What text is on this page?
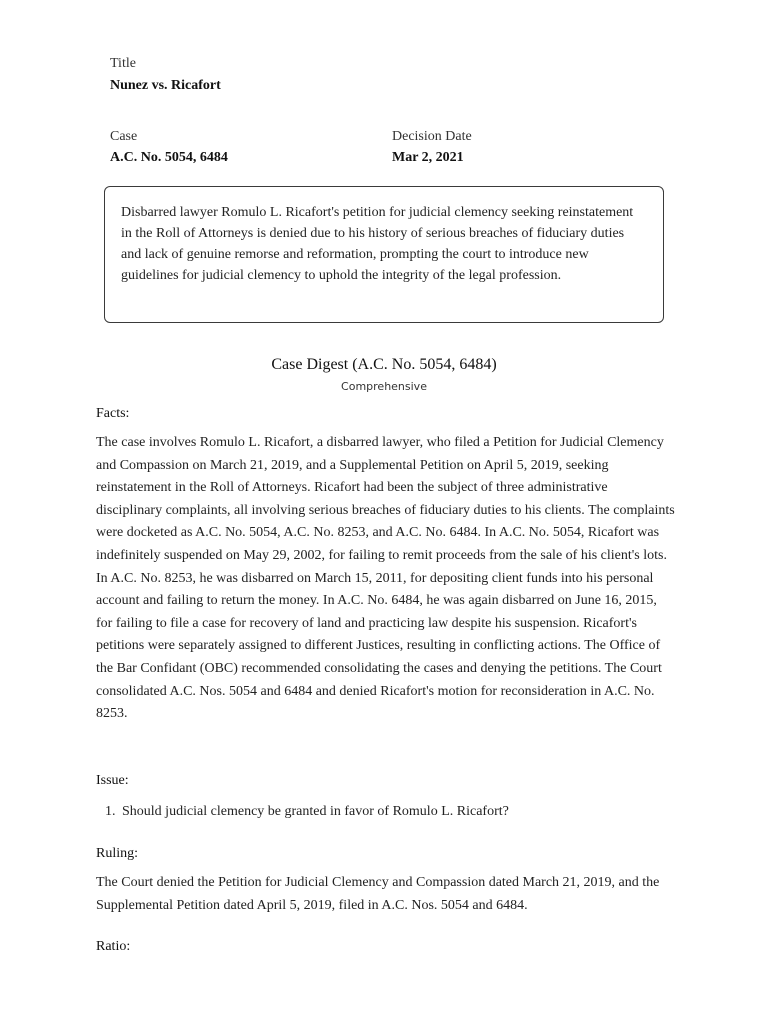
Title
Nunez vs. Ricafort
Case
A.C. No. 5054, 6484
Decision Date
Mar 2, 2021
Disbarred lawyer Romulo L. Ricafort's petition for judicial clemency seeking reinstatement in the Roll of Attorneys is denied due to his history of serious breaches of fiduciary duties and lack of genuine remorse and reformation, prompting the court to introduce new guidelines for judicial clemency to uphold the integrity of the legal profession.
Case Digest (A.C. No. 5054, 6484)
Comprehensive
Facts:
The case involves Romulo L. Ricafort, a disbarred lawyer, who filed a Petition for Judicial Clemency and Compassion on March 21, 2019, and a Supplemental Petition on April 5, 2019, seeking reinstatement in the Roll of Attorneys. Ricafort had been the subject of three administrative disciplinary complaints, all involving serious breaches of fiduciary duties to his clients. The complaints were docketed as A.C. No. 5054, A.C. No. 8253, and A.C. No. 6484. In A.C. No. 5054, Ricafort was indefinitely suspended on May 29, 2002, for failing to remit proceeds from the sale of his client's lots. In A.C. No. 8253, he was disbarred on March 15, 2011, for depositing client funds into his personal account and failing to return the money. In A.C. No. 6484, he was again disbarred on June 16, 2015, for failing to file a case for recovery of land and practicing law despite his suspension. Ricafort's petitions were separately assigned to different Justices, resulting in conflicting actions. The Office of the Bar Confidant (OBC) recommended consolidating the cases and denying the petitions. The Court consolidated A.C. Nos. 5054 and 6484 and denied Ricafort's motion for reconsideration in A.C. No. 8253.
Issue:
1. Should judicial clemency be granted in favor of Romulo L. Ricafort?
Ruling:
The Court denied the Petition for Judicial Clemency and Compassion dated March 21, 2019, and the Supplemental Petition dated April 5, 2019, filed in A.C. Nos. 5054 and 6484.
Ratio:
